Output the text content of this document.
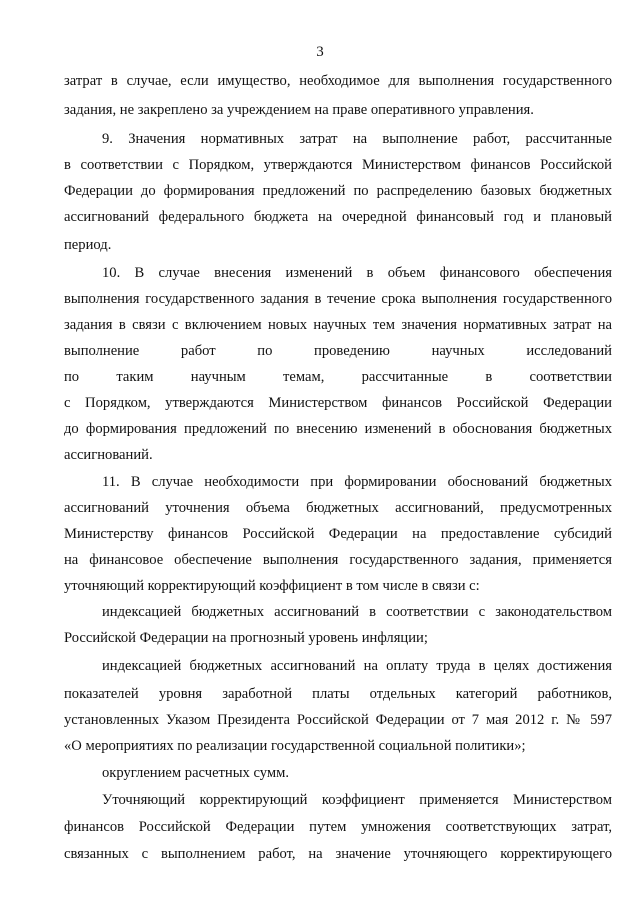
3
затрат в случае, если имущество, необходимое для выполнения государственного
задания, не закреплено за учреждением на праве оперативного управления.
9. Значения нормативных затрат на выполнение работ, рассчитанные
в соответствии с Порядком, утверждаются Министерством финансов Российской
Федерации до формирования предложений по распределению базовых бюджетных
ассигнований федерального бюджета на очередной финансовый год и плановый
период.
10. В случае внесения изменений в объем финансового обеспечения
выполнения государственного задания в течение срока выполнения государственного
задания в связи с включением новых научных тем значения нормативных затрат на
выполнение работ по проведению научных исследований
по таким научным темам, рассчитанные в соответствии
с Порядком, утверждаются Министерством финансов Российской Федерации
до формирования предложений по внесению изменений в обоснования бюджетных
ассигнований.
11. В случае необходимости при формировании обоснований бюджетных
ассигнований уточнения объема бюджетных ассигнований, предусмотренных
Министерству финансов Российской Федерации на предоставление субсидий
на финансовое обеспечение выполнения государственного задания, применяется
уточняющий корректирующий коэффициент в том числе в связи с:
индексацией бюджетных ассигнований в соответствии с законодательством
Российской Федерации на прогнозный уровень инфляции;
индексацией бюджетных ассигнований на оплату труда в целях достижения
показателей уровня заработной платы отдельных категорий работников,
установленных Указом Президента Российской Федерации от 7 мая 2012 г. № 597
«О мероприятиях по реализации государственной социальной политики»;
округлением расчетных сумм.
Уточняющий корректирующий коэффициент применяется Министерством
финансов Российской Федерации путем умножения соответствующих затрат,
связанных с выполнением работ, на значение уточняющего корректирующего
